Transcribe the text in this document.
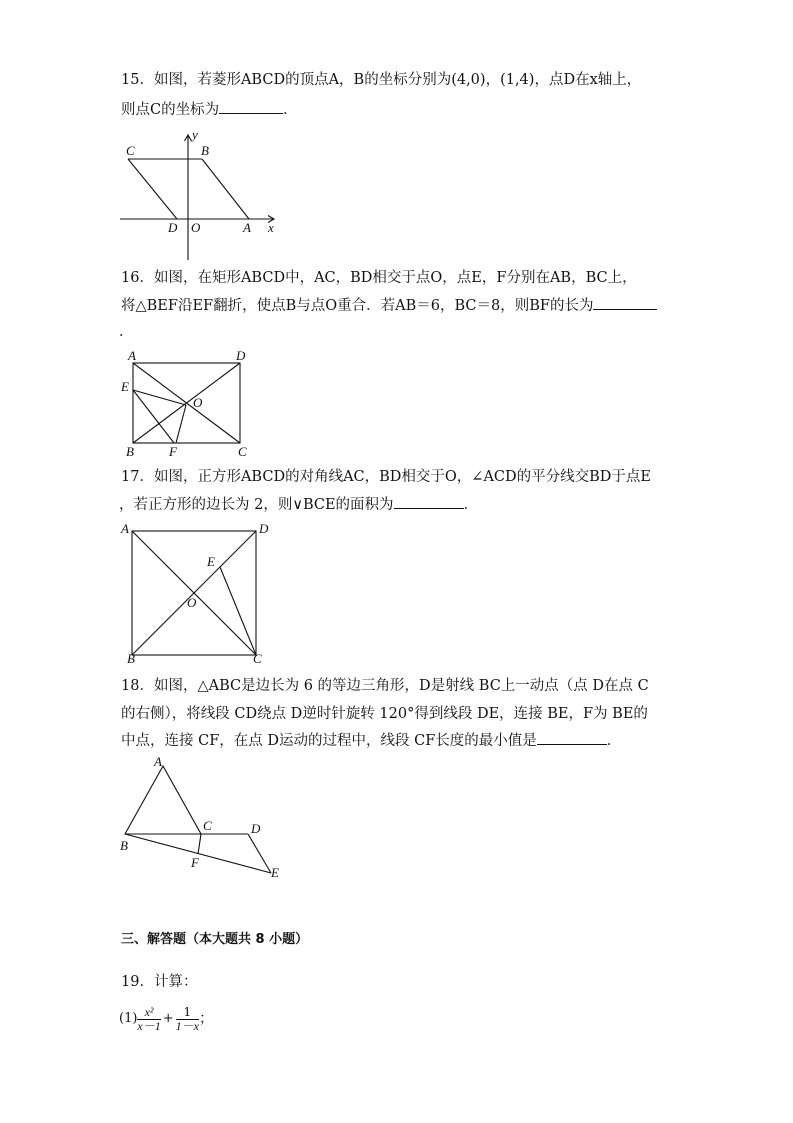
15．如图，若菱形ABCD的顶点A，B的坐标分别为(4,0)，(1,4)，点D在x轴上，
则点C的坐标为	．
C	B
y
D O	A x
16．如图，在矩形ABCD中，AC，BD相交于点O，点E，F分别在AB，BC上，
将△BEF沿EF翻折，使点B与点O重合．若AB＝6，BC＝8，则BF的长为
．
A	D
E
O
B	F	C
17．如图，正方形ABCD的对角线AC，BD相交于O，∠ACD的平分线交BD于点E
，若正方形的边长为 2，则∨BCE的面积为	．
A	D
E
O
B	C
18．如图，△ABC是边长为 6 的等边三角形，D是射线 BC上一动点（点 D在点 C
的右侧），将线段 CD绕点 D逆时针旋转 120°得到线段 DE，连接 BE，F为 BE的
中点，连接 CF，在点 D运动的过程中，线段 CF长度的最小值是	．
A
C	D
B
F
E
三、解答题（本大题共 8 小题）
19．计算：
$(1) \frac{\text{x²}}{x-1} + \frac{1}{1-x}$ ；
